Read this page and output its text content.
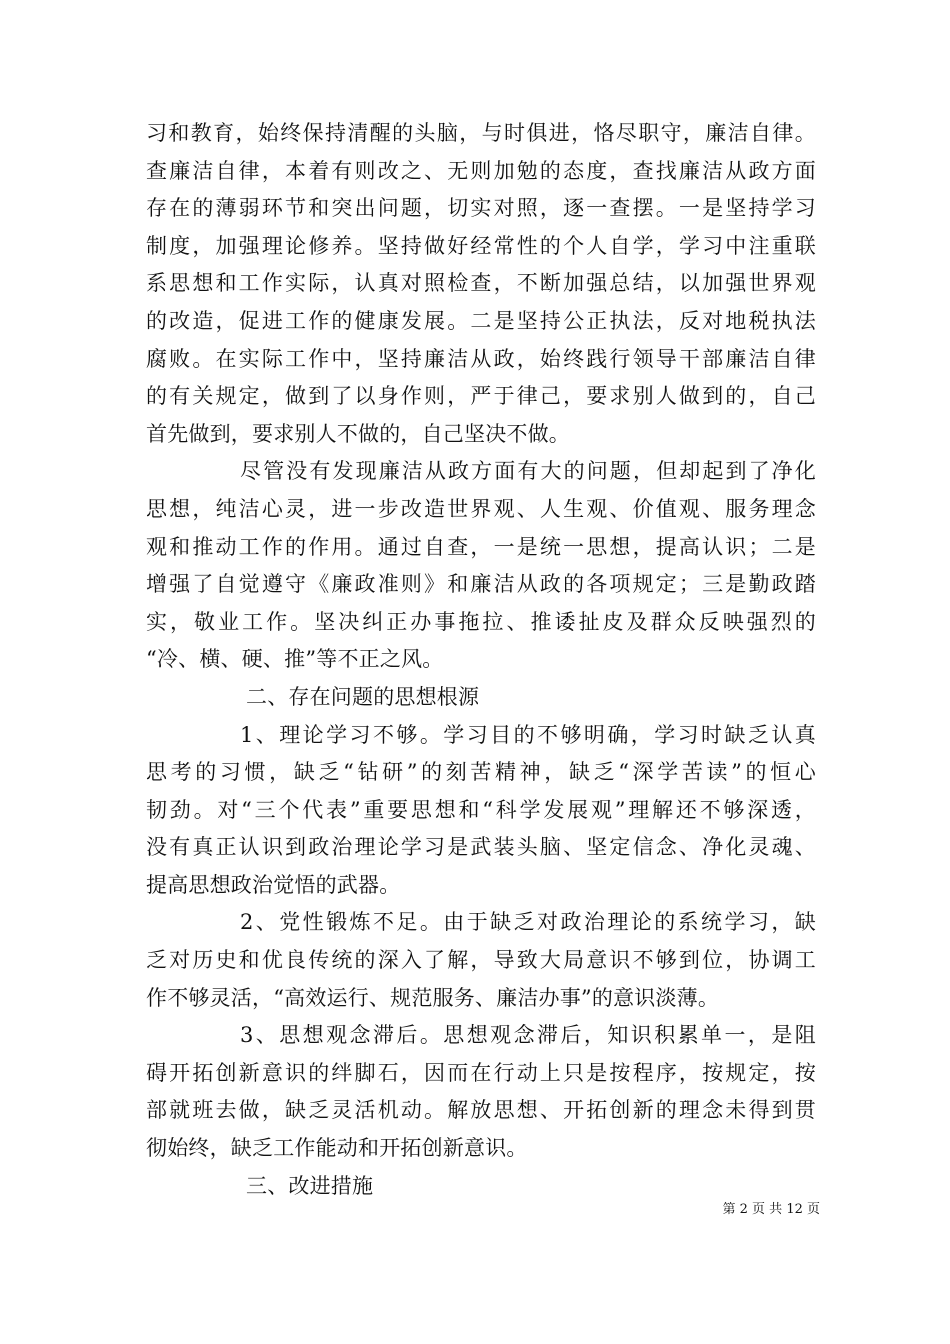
习和教育，始终保持清醒的头脑，与时俱进，恪尽职守，廉洁自律。
查廉洁自律，本着有则改之、无则加勉的态度，查找廉洁从政方面
存在的薄弱环节和突出问题，切实对照，逐一查摆。一是坚持学习
制度，加强理论修养。坚持做好经常性的个人自学，学习中注重联
系思想和工作实际，认真对照检查，不断加强总结，以加强世界观
的改造，促进工作的健康发展。二是坚持公正执法，反对地税执法
腐败。在实际工作中，坚持廉洁从政，始终践行领导干部廉洁自律
的有关规定，做到了以身作则，严于律己，要求别人做到的，自己
首先做到，要求别人不做的，自己坚决不做。
尽管没有发现廉洁从政方面有大的问题，但却起到了净化
思想，纯洁心灵，进一步改造世界观、人生观、价值观、服务理念
观和推动工作的作用。通过自查，一是统一思想，提高认识；二是
增强了自觉遵守《廉政准则》和廉洁从政的各项规定；三是勤政踏
实，敬业工作。坚决纠正办事拖拉、推诿扯皮及群众反映强烈的
“冷、横、硬、推”等不正之风。
二、存在问题的思想根源
1、理论学习不够。学习目的不够明确，学习时缺乏认真
思考的习惯，缺乏“钻研”的刻苦精神，缺乏“深学苦读”的恒心
韧劲。对“三个代表”重要思想和“科学发展观”理解还不够深透，
没有真正认识到政治理论学习是武装头脑、坚定信念、净化灵魂、
提高思想政治觉悟的武器。
2、党性锻炼不足。由于缺乏对政治理论的系统学习，缺
乏对历史和优良传统的深入了解，导致大局意识不够到位，协调工
作不够灵活，“高效运行、规范服务、廉洁办事”的意识淡薄。
3、思想观念滞后。思想观念滞后，知识积累单一，是阻
碍开拓创新意识的绊脚石，因而在行动上只是按程序，按规定，按
部就班去做，缺乏灵活机动。解放思想、开拓创新的理念未得到贯
彻始终，缺乏工作能动和开拓创新意识。
三、改进措施
第 2 页 共 12 页
